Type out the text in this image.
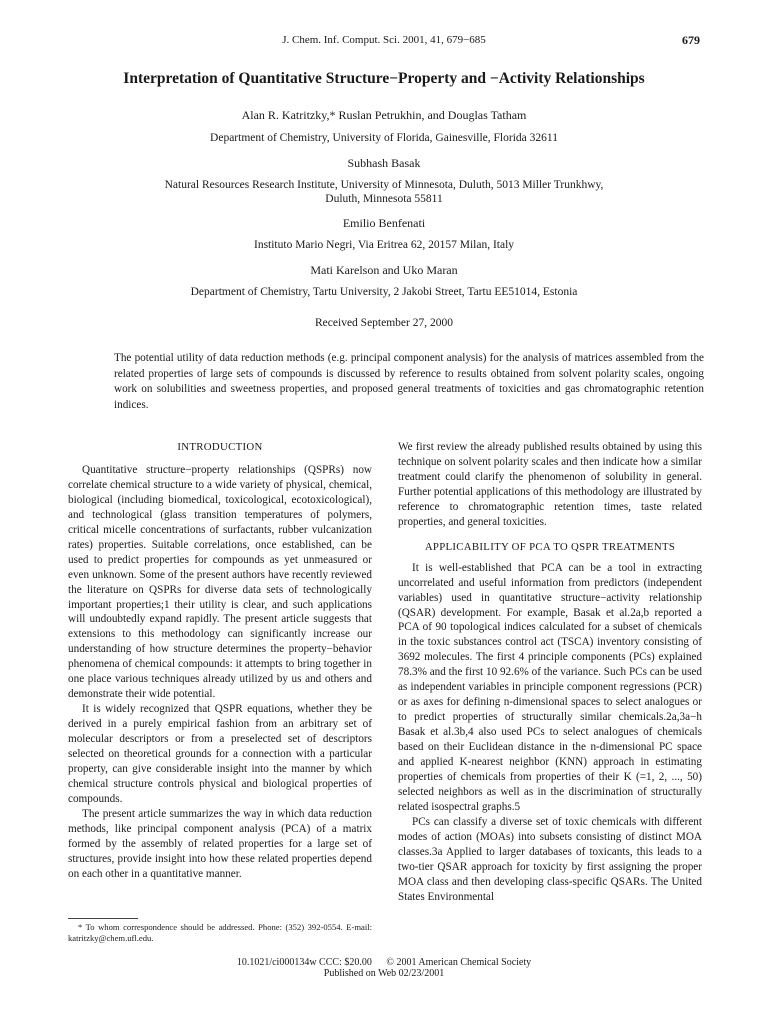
J. Chem. Inf. Comput. Sci. 2001, 41, 679−685	679
Interpretation of Quantitative Structure−Property and −Activity Relationships
Alan R. Katritzky,* Ruslan Petrukhin, and Douglas Tatham
Department of Chemistry, University of Florida, Gainesville, Florida 32611
Subhash Basak
Natural Resources Research Institute, University of Minnesota, Duluth, 5013 Miller Trunkhwy,
Duluth, Minnesota 55811
Emilio Benfenati
Instituto Mario Negri, Via Eritrea 62, 20157 Milan, Italy
Mati Karelson and Uko Maran
Department of Chemistry, Tartu University, 2 Jakobi Street, Tartu EE51014, Estonia
Received September 27, 2000
The potential utility of data reduction methods (e.g. principal component analysis) for the analysis of matrices assembled from the related properties of large sets of compounds is discussed by reference to results obtained from solvent polarity scales, ongoing work on solubilities and sweetness properties, and proposed general treatments of toxicities and gas chromatographic retention indices.
INTRODUCTION

Quantitative structure−property relationships (QSPRs) now correlate chemical structure to a wide variety of physical, chemical, biological (including biomedical, toxicological, ecotoxicological), and technological (glass transition temperatures of polymers, critical micelle concentrations of surfactants, rubber vulcanization rates) properties. Suitable correlations, once established, can be used to predict properties for compounds as yet unmeasured or even unknown. Some of the present authors have recently reviewed the literature on QSPRs for diverse data sets of technologically important properties;1 their utility is clear, and such applications will undoubtedly expand rapidly. The present article suggests that extensions to this methodology can significantly increase our understanding of how structure determines the property−behavior phenomena of chemical compounds: it attempts to bring together in one place various techniques already utilized by us and others and demonstrate their wide potential.

It is widely recognized that QSPR equations, whether they be derived in a purely empirical fashion from an arbitrary set of molecular descriptors or from a preselected set of descriptors selected on theoretical grounds for a connection with a particular property, can give considerable insight into the manner by which chemical structure controls physical and biological properties of compounds.

The present article summarizes the way in which data reduction methods, like principal component analysis (PCA) of a matrix formed by the assembly of related properties for a large set of structures, provide insight into how these related properties depend on each other in a quantitative manner.

We first review the already published results obtained by using this technique on solvent polarity scales and then indicate how a similar treatment could clarify the phenomenon of solubility in general. Further potential applications of this methodology are illustrated by reference to chromatographic retention times, taste related properties, and general toxicities.

APPLICABILITY OF PCA TO QSPR TREATMENTS

It is well-established that PCA can be a tool in extracting uncorrelated and useful information from predictors (independent variables) used in quantitative structure−activity relationship (QSAR) development. For example, Basak et al.2a,b reported a PCA of 90 topological indices calculated for a subset of chemicals in the toxic substances control act (TSCA) inventory consisting of 3692 molecules. The first 4 principle components (PCs) explained 78.3% and the first 10 92.6% of the variance. Such PCs can be used as independent variables in principle component regressions (PCR) or as axes for defining n-dimensional spaces to select analogues or to predict properties of structurally similar chemicals.2a,3a−h Basak et al.3b,4 also used PCs to select analogues of chemicals based on their Euclidean distance in the n-dimensional PC space and applied K-nearest neighbor (KNN) approach in estimating properties of chemicals from properties of their K (=1, 2, ..., 50) selected neighbors as well as in the discrimination of structurally related isospectral graphs.5

PCs can classify a diverse set of toxic chemicals with different modes of action (MOAs) into subsets consisting of distinct MOA classes.3a Applied to larger databases of toxicants, this leads to a two-tier QSAR approach for toxicity by first assigning the proper MOA class and then developing class-specific QSARs. The United States Environmental

* To whom correspondence should be addressed. Phone: (352) 392-0554. E-mail: katritzky@chem.ufl.edu.
10.1021/ci000134w CCC: $20.00 © 2001 American Chemical Society
Published on Web 02/23/2001
